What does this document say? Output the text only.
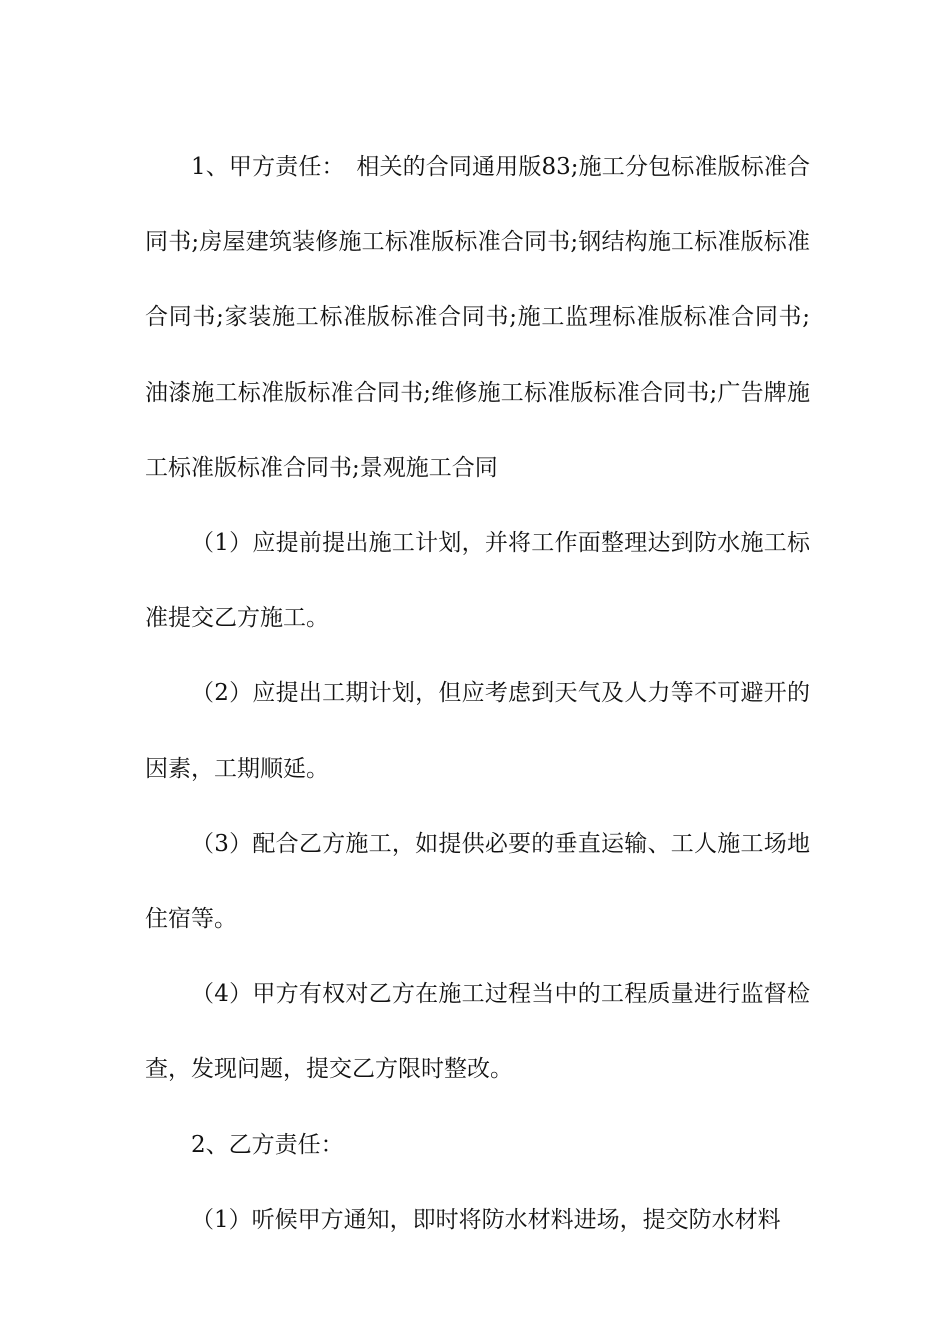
1、甲方责任：　相关的合同通用版83;施工分包标准版标准合同书;房屋建筑装修施工标准版标准合同书;钢结构施工标准版标准合同书;家装施工标准版标准合同书;施工监理标准版标准合同书;油漆施工标准版标准合同书;维修施工标准版标准合同书;广告牌施工标准版标准合同书;景观施工合同

（1）应提前提出施工计划，并将工作面整理达到防水施工标准提交乙方施工。

（2）应提出工期计划，但应考虑到天气及人力等不可避开的因素，工期顺延。

（3）配合乙方施工，如提供必要的垂直运输、工人施工场地住宿等。

（4）甲方有权对乙方在施工过程当中的工程质量进行监督检查，发现问题，提交乙方限时整改。

2、乙方责任：

（1）听候甲方通知，即时将防水材料进场，提交防水材料
